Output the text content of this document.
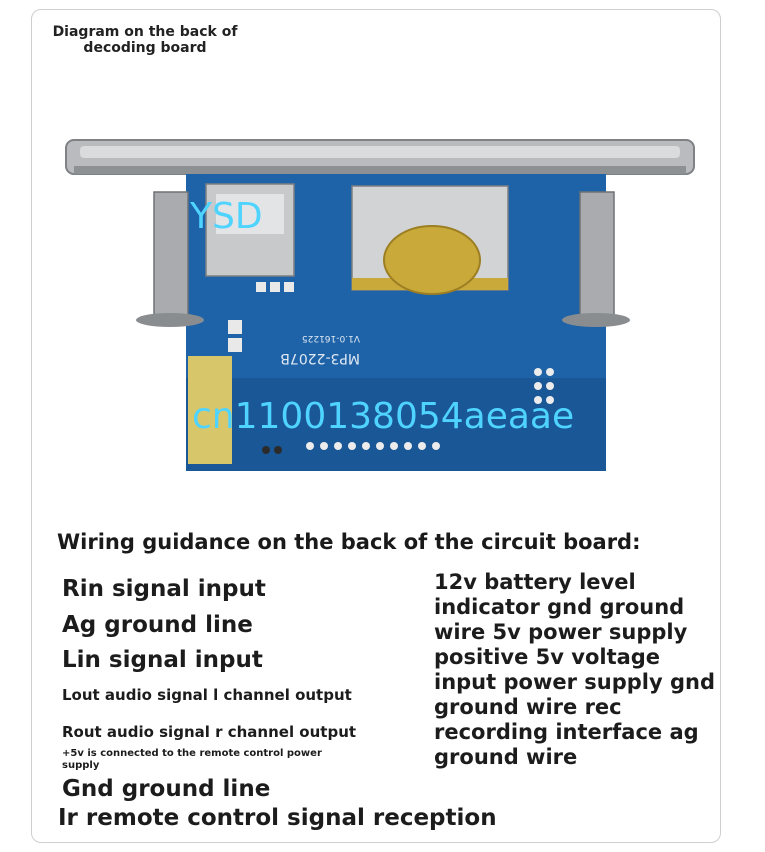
Diagram on the back of decoding board
MP3-2207B
V1.0-161225
YSD
cn1100138054aeaae
Wiring guidance on the back of the circuit board:
Rin signal input
Ag ground line
Lin signal input
Lout audio signal l channel output
Rout audio signal r channel output
+5v is connected to the remote control power supply
Gnd ground line
Ir remote control signal reception
12v battery level indicator gnd ground wire 5v power supply positive 5v voltage input power supply gnd ground wire rec recording interface ag ground wire
